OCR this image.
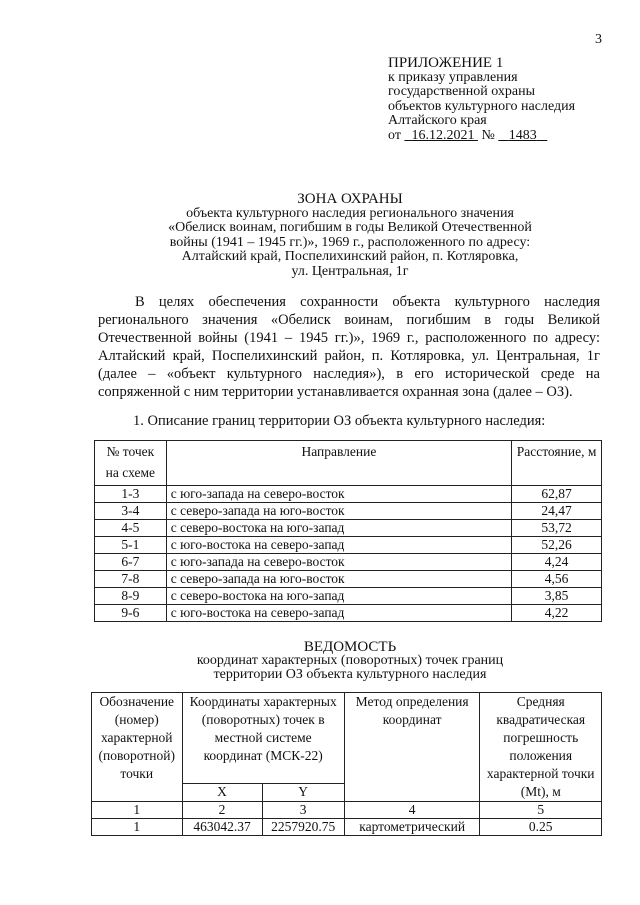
3
ПРИЛОЖЕНИЕ 1
к приказу управления
государственной охраны
объектов культурного наследия
Алтайского края
от 16.12.2021 № 1483
ЗОНА ОХРАНЫ
объекта культурного наследия регионального значения
«Обелиск воинам, погибшим в годы Великой Отечественной
войны (1941 – 1945 гг.)», 1969 г., расположенного по адресу:
Алтайский край, Поспелихинский район, п. Котляровка,
ул. Центральная, 1г
В целях обеспечения сохранности объекта культурного наследия регионального значения «Обелиск воинам, погибшим в годы Великой Отечественной войны (1941 – 1945 гг.)», 1969 г., расположенного по адресу: Алтайский край, Поспелихинский район, п. Котляровка, ул. Центральная, 1г (далее – «объект культурного наследия»), в его исторической среде на сопряженной с ним территории устанавливается охранная зона (далее – ОЗ).
1. Описание границ территории ОЗ объекта культурного наследия:
№ точек на схеме	Направление	Расстояние, м
1-3	с юго-запада на северо-восток	62,87
3-4	с северо-запада на юго-восток	24,47
4-5	с северо-востока на юго-запад	53,72
5-1	с юго-востока на северо-запад	52,26
6-7	с юго-запада на северо-восток	4,24
7-8	с северо-запада на юго-восток	4,56
8-9	с северо-востока на юго-запад	3,85
9-6	с юго-востока на северо-запад	4,22
ВЕДОМОСТЬ
координат характерных (поворотных) точек границ
территории ОЗ объекта культурного наследия
Обозначение (номер) характерной (поворотной) точки	Координаты характерных (поворотных) точек в местной системе координат (МСК-22)		Метод определения координат	Средняя квадратическая погрешность положения характерной точки (Mt), м
	X	Y		
1	2	3	4	5
1	463042.37	2257920.75	картометрический	0.25
